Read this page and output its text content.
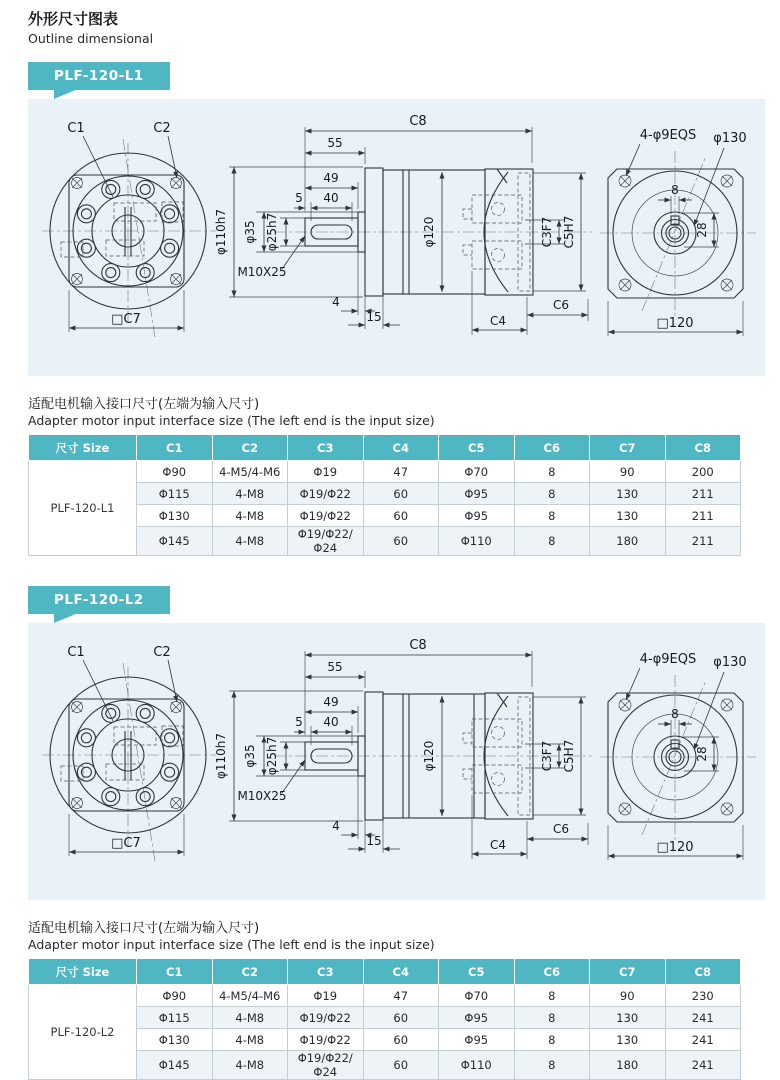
外形尺寸图表
Outline dimensional
PLF-120-L1
C1	C2
□C7
φ110h7	φ120
C8
55
49
5 40
φ35 φ25h7
M10X25
4
15	C4
C6
C3F7 C5H7
8
28
4-φ9EQS φ130
□120
适配电机输入接口尺寸(左端为输入尺寸)
Adapter motor input interface size (The left end is the input size)
尺寸 Size	C1	C2	C3	C4	C5	C6	C7	C8
PLF-120-L1	Φ90	4-M5/4-M6	Φ19	47	Φ70	8	90	200
	Φ115	4-M8	Φ19/Φ22	60	Φ95	8	130	211
	Φ130	4-M8	Φ19/Φ22	60	Φ95	8	130	211
	Φ145	4-M8	Φ19/Φ22/Φ24	60	Φ110	8	180	211
PLF-120-L2
C1	C2
□C7
φ110h7	φ120
C8
55
49
5 40
φ35 φ25h7
M10X25
4
15	C4
C6
C3F7 C5H7
8
28
4-φ9EQS φ130
□120
适配电机输入接口尺寸(左端为输入尺寸)
Adapter motor input interface size (The left end is the input size)
尺寸 Size	C1	C2	C3	C4	C5	C6	C7	C8
PLF-120-L2	Φ90	4-M5/4-M6	Φ19	47	Φ70	8	90	230
	Φ115	4-M8	Φ19/Φ22	60	Φ95	8	130	241
	Φ130	4-M8	Φ19/Φ22	60	Φ95	8	130	241
	Φ145	4-M8	Φ19/Φ22/Φ24	60	Φ110	8	180	241
